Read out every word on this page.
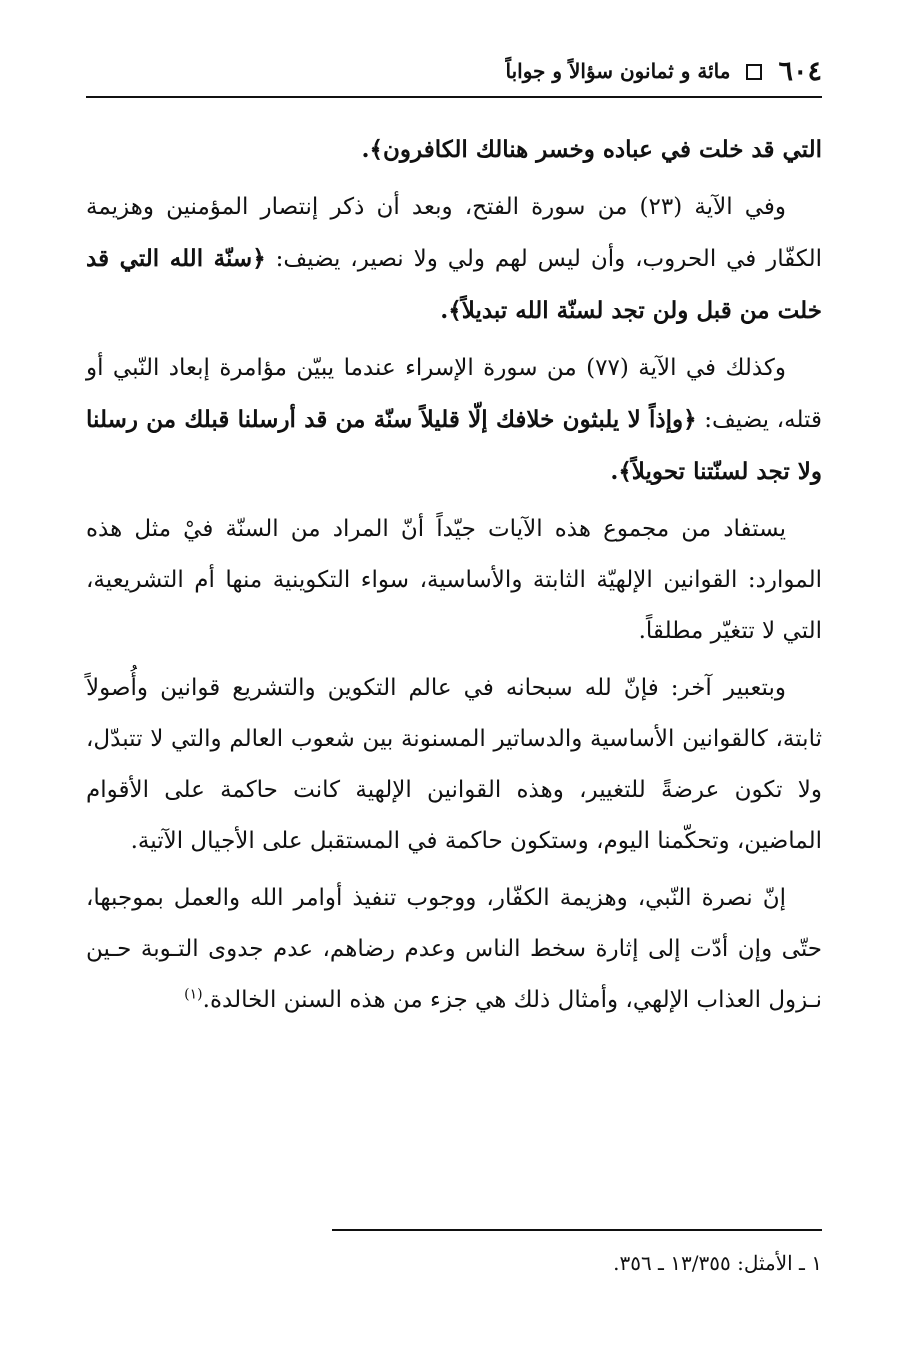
٦٠٤
مائة و ثمانون سؤالاً و جواباً

التي قد خلت في عباده وخسر هنالك الكافرون﴾.

وفي الآية (٢٣) من سورة الفتح، وبعد أن ذكر إنتصار المؤمنين وهزيمة الكفّار في الحروب، وأن ليس لهم ولي ولا نصير، يضيف: ﴿سنّة الله التي قد خلت من قبل ولن تجد لسنّة الله تبديلاً﴾.

وكذلك في الآية (٧٧) من سورة الإسراء عندما يبيّن مؤامرة إبعاد النّبي أو قتله، يضيف: ﴿وإذاً لا يلبثون خلافك إلّا قليلاً سنّة من قد أرسلنا قبلك من رسلنا ولا تجد لسنّتنا تحويلاً﴾.

يستفاد من مجموع هذه الآيات جيّداً أنّ المراد من السنّة فيْ مثل هذه الموارد: القوانين الإلهيّة الثابتة والأساسية، سواء التكوينية منها أم التشريعية، التي لا تتغيّر مطلقاً.

وبتعبير آخر: فإنّ لله سبحانه في عالم التكوين والتشريع قوانين وأُصولاً ثابتة، كالقوانين الأساسية والدساتير المسنونة بين شعوب العالم والتي لا تتبدّل، ولا تكون عرضةً للتغيير، وهذه القوانين الإلهية كانت حاكمة على الأقوام الماضين، وتحكّمنا اليوم، وستكون حاكمة في المستقبل على الأجيال الآتية.

إنّ نصرة النّبي، وهزيمة الكفّار، ووجوب تنفيذ أوامر الله والعمل بموجبها، حتّى وإن أدّت إلى إثارة سخط الناس وعدم رضاهم، عدم جدوى التـوبة حـين نـزول العذاب الإلهي، وأمثال ذلك هي جزء من هذه السنن الخالدة.$^{(١)}$

١ ـ الأمثل: ١٣/٣٥٥ ـ ٣٥٦.
